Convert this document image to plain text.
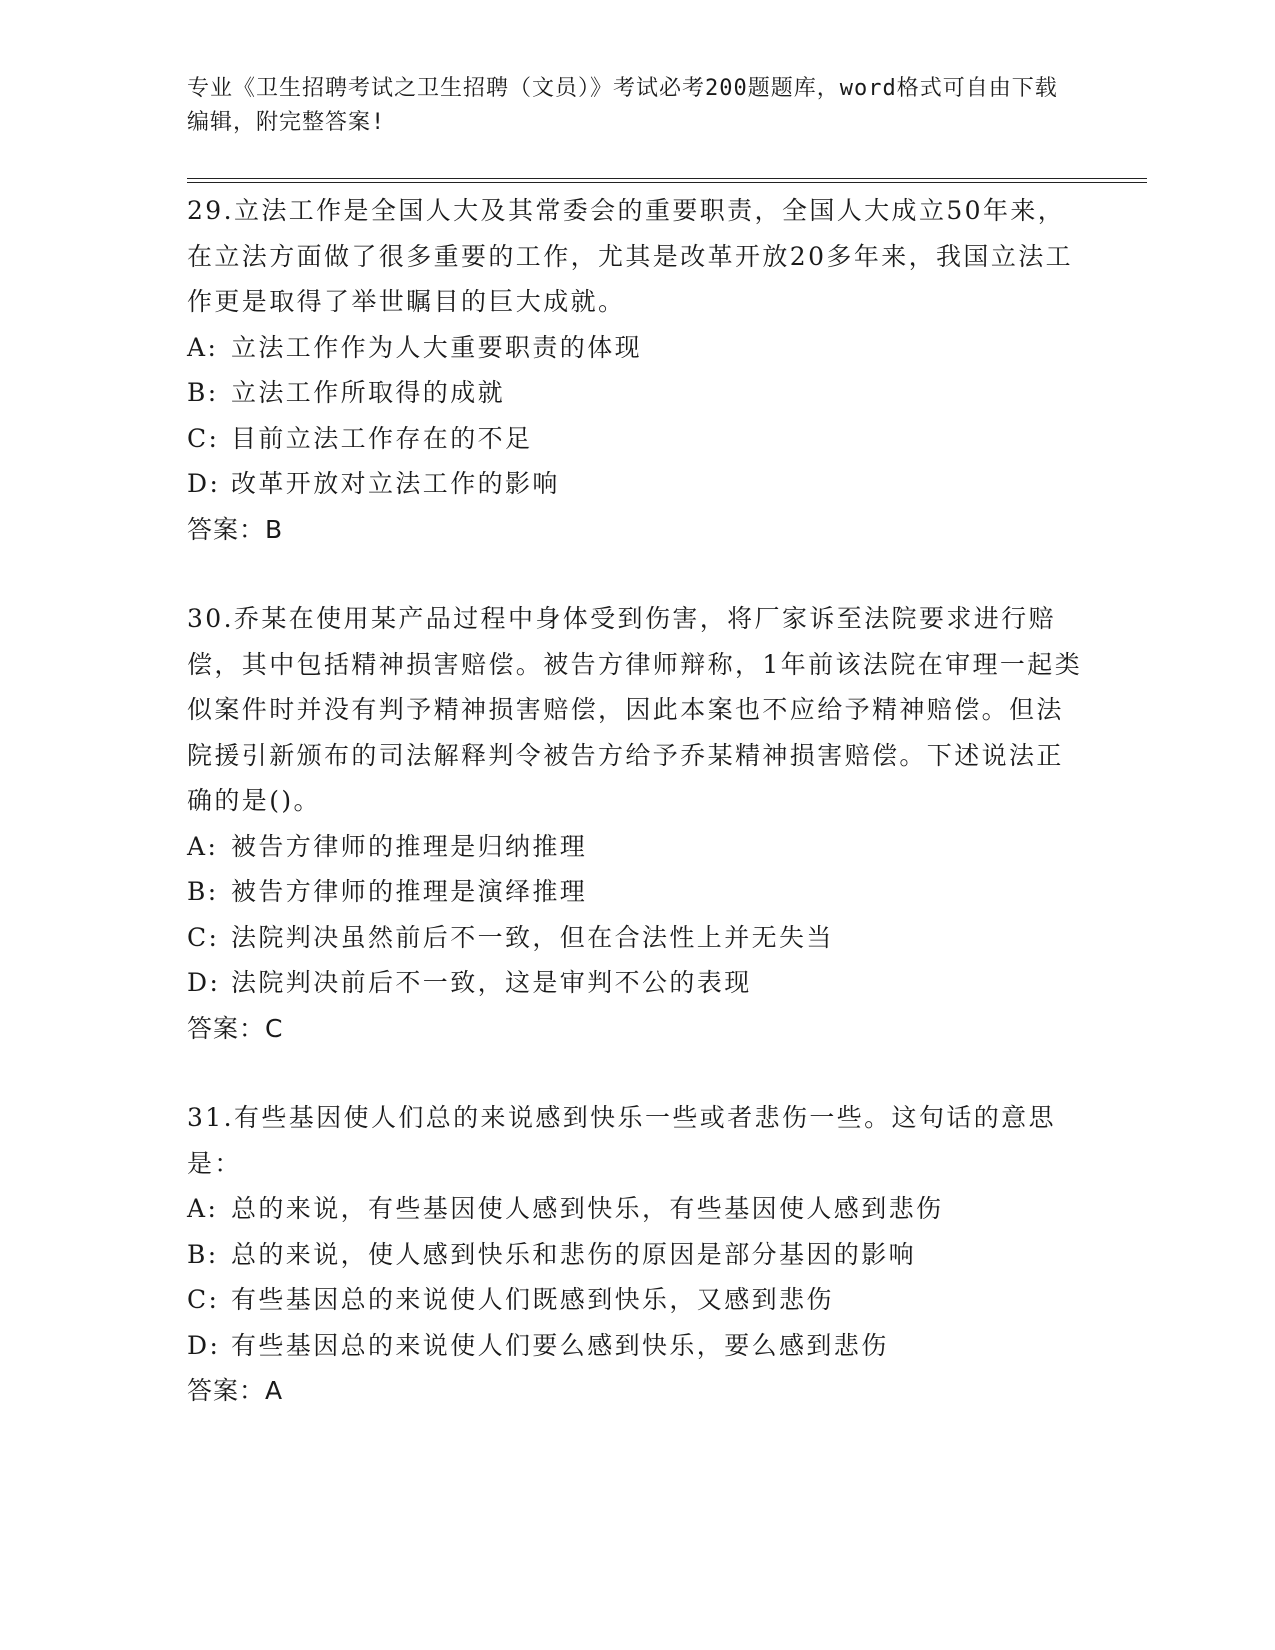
专业《卫生招聘考试之卫生招聘（文员）》考试必考200题题库，word格式可自由下载编辑，附完整答案!

29.立法工作是全国人大及其常委会的重要职责，全国人大成立50年来，在立法方面做了很多重要的工作，尤其是改革开放20多年来，我国立法工作更是取得了举世瞩目的巨大成就。

A: 立法工作作为人大重要职责的体现

B: 立法工作所取得的成就

C: 目前立法工作存在的不足

D: 改革开放对立法工作的影响

答案：B

30.乔某在使用某产品过程中身体受到伤害，将厂家诉至法院要求进行赔偿，其中包括精神损害赔偿。被告方律师辩称，1年前该法院在审理一起类似案件时并没有判予精神损害赔偿，因此本案也不应给予精神赔偿。但法院援引新颁布的司法解释判令被告方给予乔某精神损害赔偿。下述说法正确的是()。

A: 被告方律师的推理是归纳推理

B: 被告方律师的推理是演绎推理

C: 法院判决虽然前后不一致，但在合法性上并无失当

D: 法院判决前后不一致，这是审判不公的表现

答案：C

31.有些基因使人们总的来说感到快乐一些或者悲伤一些。这句话的意思是：

A: 总的来说，有些基因使人感到快乐，有些基因使人感到悲伤

B: 总的来说，使人感到快乐和悲伤的原因是部分基因的影响

C: 有些基因总的来说使人们既感到快乐，又感到悲伤

D: 有些基因总的来说使人们要么感到快乐，要么感到悲伤

答案：A
